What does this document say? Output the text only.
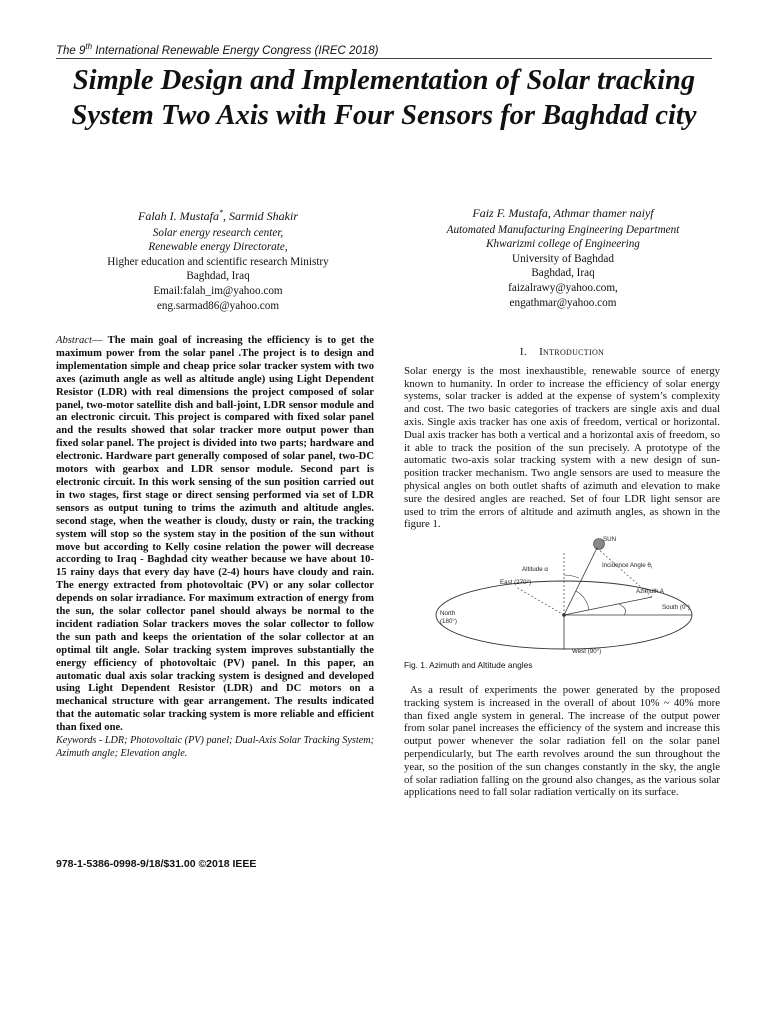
The 9th International Renewable Energy Congress (IREC 2018)
Simple Design and Implementation of Solar tracking System Two Axis with Four Sensors for Baghdad city
Falah I. Mustafa*, Sarmid Shakir
Solar energy research center,
Renewable energy Directorate,
Higher education and scientific research Ministry
Baghdad, Iraq
Email:falah_im@yahoo.com
eng.sarmad86@yahoo.com
Faiz F. Mustafa, Athmar thamer naiyf
Automated Manufacturing Engineering Department
Khwarizmi college of Engineering
University of Baghdad
Baghdad, Iraq
faizalrawy@yahoo.com,
engathmar@yahoo.com

Abstract— The main goal of increasing the efficiency is to get the maximum power from the solar panel .The project is to design and implementation simple and cheap price solar tracker system with two axes (azimuth angle as well as altitude angle) using Light Dependent Resistor (LDR) with real dimensions the project composed of solar panel, two-motor satellite dish and ball-joint, LDR sensor module and an electronic circuit. This project is compared with fixed solar panel and the results showed that solar tracker more output power than fixed solar panel. The project is divided into two parts; hardware and electronic. Hardware part generally composed of solar panel, two-DC motors with gearbox and LDR sensor module. Second part is electronic circuit. In this work sensing of the sun position carried out in two stages, first stage or direct sensing performed via set of LDR sensors as output tuning to trims the azimuth and altitude angles. second stage, when the weather is cloudy, dusty or rain, the tracking system will stop so the system stay in the position of the sun without move but according to Kelly cosine relation the power will decrease according to Iraq - Baghdad city weather because we have about 10-15 rainy days that every day have (2-4) hours have cloudy and rain. The energy extracted from photovoltaic (PV) or any solar collector depends on solar irradiance. For maximum extraction of energy from the sun, the solar collector panel should always be normal to the incident radiation Solar trackers moves the solar collector to follow the sun path and keeps the orientation of the solar collector at an optimal tilt angle. Solar tracking system improves substantially the energy efficiency of photovoltaic (PV) panel. In this paper, an automatic dual axis solar tracking system is designed and developed using Light Dependent Resistor (LDR) and DC motors on a mechanical structure with gear arrangement. The results indicated that the automatic solar tracking system is more reliable and efficient than fixed one.

Keywords - LDR; Photovoltaic (PV) panel; Dual-Axis Solar Tracking System; Azimuth angle; Elevation angle.

978-1-5386-0998-9/18/$31.00 ©2018 IEEE
I. Introduction

Solar energy is the most inexhaustible, renewable source of energy known to humanity. In order to increase the efficiency of solar energy systems, solar tracker is added at the expense of system’s complexity and cost. The two basic categories of trackers are single axis and dual axis. Single axis tracker has one axis of freedom, vertical or horizontal. Dual axis tracker has both a vertical and a horizontal axis of freedom, so it able to track the position of the sun precisely. A prototype of the automatic two-axis solar tracking system with a new design of sun-position tracker mechanism. Two angle sensors are used to measure the physical angles on both outlet shafts of azimuth and elevation to make sure the desired angles are reached. Set of four LDR light sensor are used to trim the errors of altitude and azimuth angles, as shown in the figure 1.

SUN
Altitude α
Incidence Angle $\theta_i$
East (270°)
Azimuth A
South (0°)
North
(180°)
West (90°)

Fig. 1. Azimuth and Altitude angles

As a result of experiments the power generated by the proposed tracking system is increased in the overall of about 10% ~ 40% more than fixed angle system in general. The increase of the output power from solar panel increases the efficiency of the system and increase this output power whenever the solar radiation fell on the solar panel perpendicularly, but The earth revolves around the sun throughout the year, so the position of the sun changes constantly in the sky, the angle of solar radiation falling on the ground also changes, as the various solar applications need to fall solar radiation vertically on its surface.
